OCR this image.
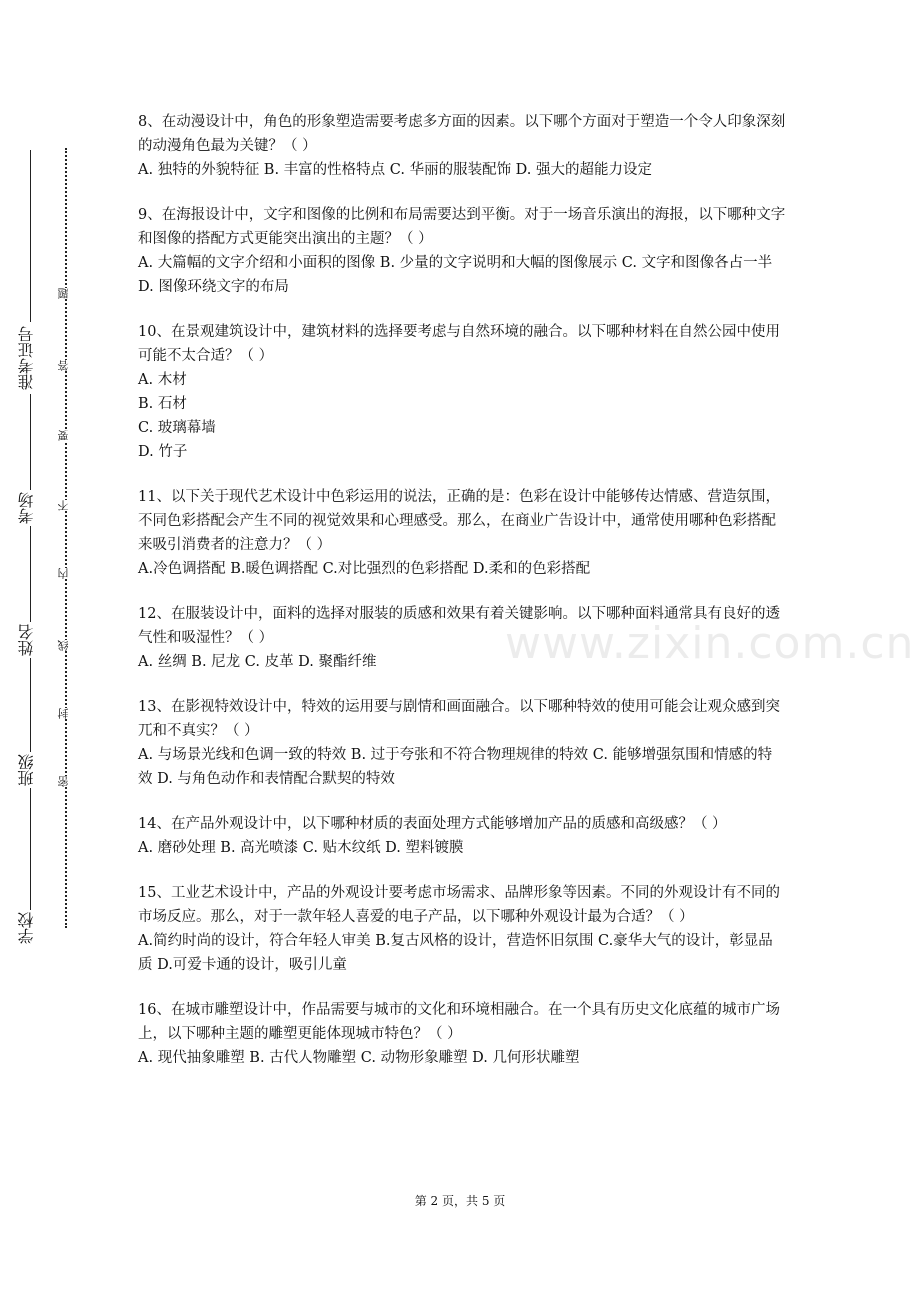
准考证号
考场
姓名
班级
学校
题
答
要
不
内
线
封
密
www.zixin.com.cn

8、在动漫设计中，角色的形象塑造需要考虑多方面的因素。以下哪个方面对于塑造一个令人印象深刻的动漫角色最为关键？（ ）

A. 独特的外貌特征 B. 丰富的性格特点 C. 华丽的服装配饰 D. 强大的超能力设定

9、在海报设计中，文字和图像的比例和布局需要达到平衡。对于一场音乐演出的海报，以下哪种文字和图像的搭配方式更能突出演出的主题？（ ）

A. 大篇幅的文字介绍和小面积的图像 B. 少量的文字说明和大幅的图像展示 C. 文字和图像各占一半 D. 图像环绕文字的布局

10、在景观建筑设计中，建筑材料的选择要考虑与自然环境的融合。以下哪种材料在自然公园中使用可能不太合适？（ ）

A. 木材
B. 石材
C. 玻璃幕墙
D. 竹子

11、以下关于现代艺术设计中色彩运用的说法，正确的是：色彩在设计中能够传达情感、营造氛围，不同色彩搭配会产生不同的视觉效果和心理感受。那么，在商业广告设计中，通常使用哪种色彩搭配来吸引消费者的注意力？（ ）

A.冷色调搭配 B.暖色调搭配 C.对比强烈的色彩搭配 D.柔和的色彩搭配

12、在服装设计中，面料的选择对服装的质感和效果有着关键影响。以下哪种面料通常具有良好的透气性和吸湿性？（ ）

A. 丝绸 B. 尼龙 C. 皮革 D. 聚酯纤维

13、在影视特效设计中，特效的运用要与剧情和画面融合。以下哪种特效的使用可能会让观众感到突兀和不真实？（ ）

A. 与场景光线和色调一致的特效 B. 过于夸张和不符合物理规律的特效 C. 能够增强氛围和情感的特效 D. 与角色动作和表情配合默契的特效

14、在产品外观设计中，以下哪种材质的表面处理方式能够增加产品的质感和高级感？（ ）

A. 磨砂处理 B. 高光喷漆 C. 贴木纹纸 D. 塑料镀膜

15、工业艺术设计中，产品的外观设计要考虑市场需求、品牌形象等因素。不同的外观设计有不同的市场反应。那么，对于一款年轻人喜爱的电子产品，以下哪种外观设计最为合适？（ ）

A.简约时尚的设计，符合年轻人审美 B.复古风格的设计，营造怀旧氛围 C.豪华大气的设计，彰显品质 D.可爱卡通的设计，吸引儿童

16、在城市雕塑设计中，作品需要与城市的文化和环境相融合。在一个具有历史文化底蕴的城市广场上，以下哪种主题的雕塑更能体现城市特色？（ ）

A. 现代抽象雕塑 B. 古代人物雕塑 C. 动物形象雕塑 D. 几何形状雕塑
第 2 页，共 5 页
